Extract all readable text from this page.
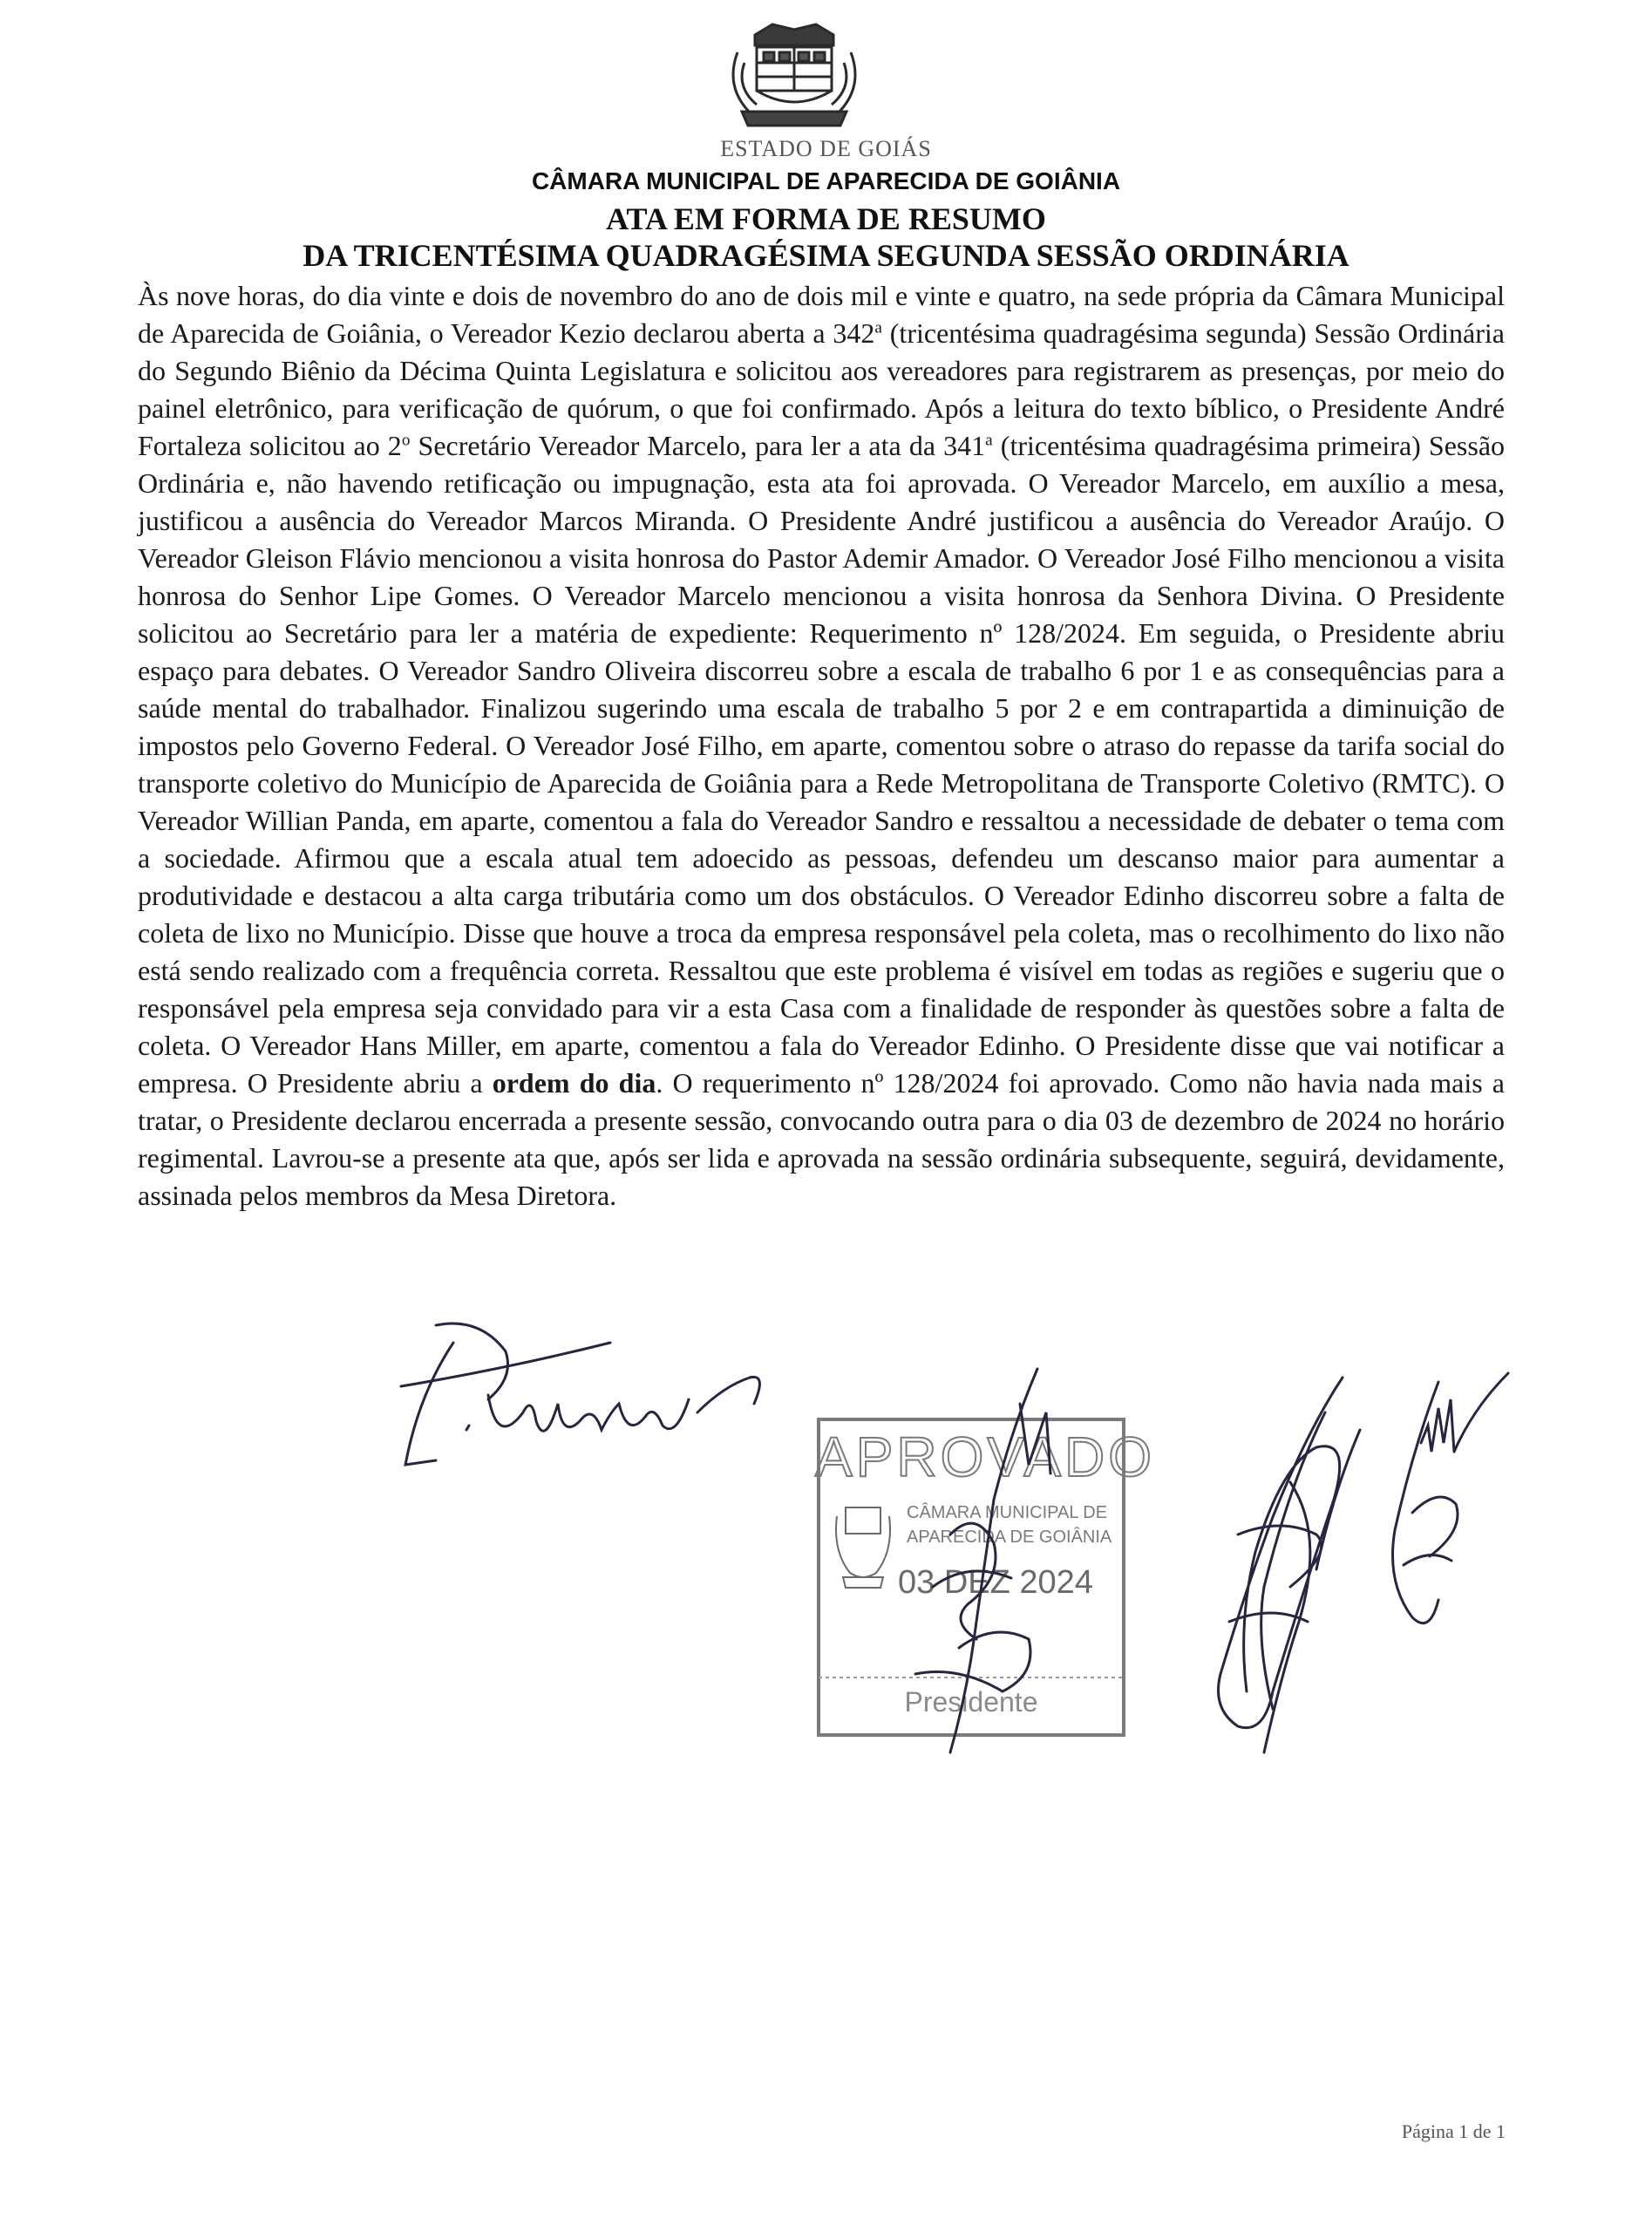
ESTADO DE GOIÁS
CÂMARA MUNICIPAL DE APARECIDA DE GOIÂNIA
ATA EM FORMA DE RESUMO
DA TRICENTÉSIMA QUADRAGÉSIMA SEGUNDA SESSÃO ORDINÁRIA

Às nove horas, do dia vinte e dois de novembro do ano de dois mil e vinte e quatro, na sede própria da Câmara Municipal de Aparecida de Goiânia, o Vereador Kezio declarou aberta a 342$^a$ (tricentésima quadragésima segunda) Sessão Ordinária do Segundo Biênio da Décima Quinta Legislatura e solicitou aos vereadores para registrarem as presenças, por meio do painel eletrônico, para verificação de quórum, o que foi confirmado. Após a leitura do texto bíblico, o Presidente André Fortaleza solicitou ao 2$^o$ Secretário Vereador Marcelo, para ler a ata da 341$^a$ (tricentésima quadragésima primeira) Sessão Ordinária e, não havendo retificação ou impugnação, esta ata foi aprovada. O Vereador Marcelo, em auxílio a mesa, justificou a ausência do Vereador Marcos Miranda. O Presidente André justificou a ausência do Vereador Araújo. O Vereador Gleison Flávio mencionou a visita honrosa do Pastor Ademir Amador. O Vereador José Filho mencionou a visita honrosa do Senhor Lipe Gomes. O Vereador Marcelo mencionou a visita honrosa da Senhora Divina. O Presidente solicitou ao Secretário para ler a matéria de expediente: Requerimento nº 128/2024. Em seguida, o Presidente abriu espaço para debates. O Vereador Sandro Oliveira discorreu sobre a escala de trabalho 6 por 1 e as consequências para a saúde mental do trabalhador. Finalizou sugerindo uma escala de trabalho 5 por 2 e em contrapartida a diminuição de impostos pelo Governo Federal. O Vereador José Filho, em aparte, comentou sobre o atraso do repasse da tarifa social do transporte coletivo do Município de Aparecida de Goiânia para a Rede Metropolitana de Transporte Coletivo (RMTC). O Vereador Willian Panda, em aparte, comentou a fala do Vereador Sandro e ressaltou a necessidade de debater o tema com a sociedade. Afirmou que a escala atual tem adoecido as pessoas, defendeu um descanso maior para aumentar a produtividade e destacou a alta carga tributária como um dos obstáculos. O Vereador Edinho discorreu sobre a falta de coleta de lixo no Município. Disse que houve a troca da empresa responsável pela coleta, mas o recolhimento do lixo não está sendo realizado com a frequência correta. Ressaltou que este problema é visível em todas as regiões e sugeriu que o responsável pela empresa seja convidado para vir a esta Casa com a finalidade de responder às questões sobre a falta de coleta. O Vereador Hans Miller, em aparte, comentou a fala do Vereador Edinho. O Presidente disse que vai notificar a empresa. O Presidente abriu a ordem do dia. O requerimento nº 128/2024 foi aprovado. Como não havia nada mais a tratar, o Presidente declarou encerrada a presente sessão, convocando outra para o dia 03 de dezembro de 2024 no horário regimental. Lavrou-se a presente ata que, após ser lida e aprovada na sessão ordinária subsequente, seguirá, devidamente, assinada pelos membros da Mesa Diretora.

APROVADO
CÂMARA MUNICIPAL DE
APARECIDA DE GOIÂNIA
03 DEZ 2024
Presidente
Página 1 de 1
